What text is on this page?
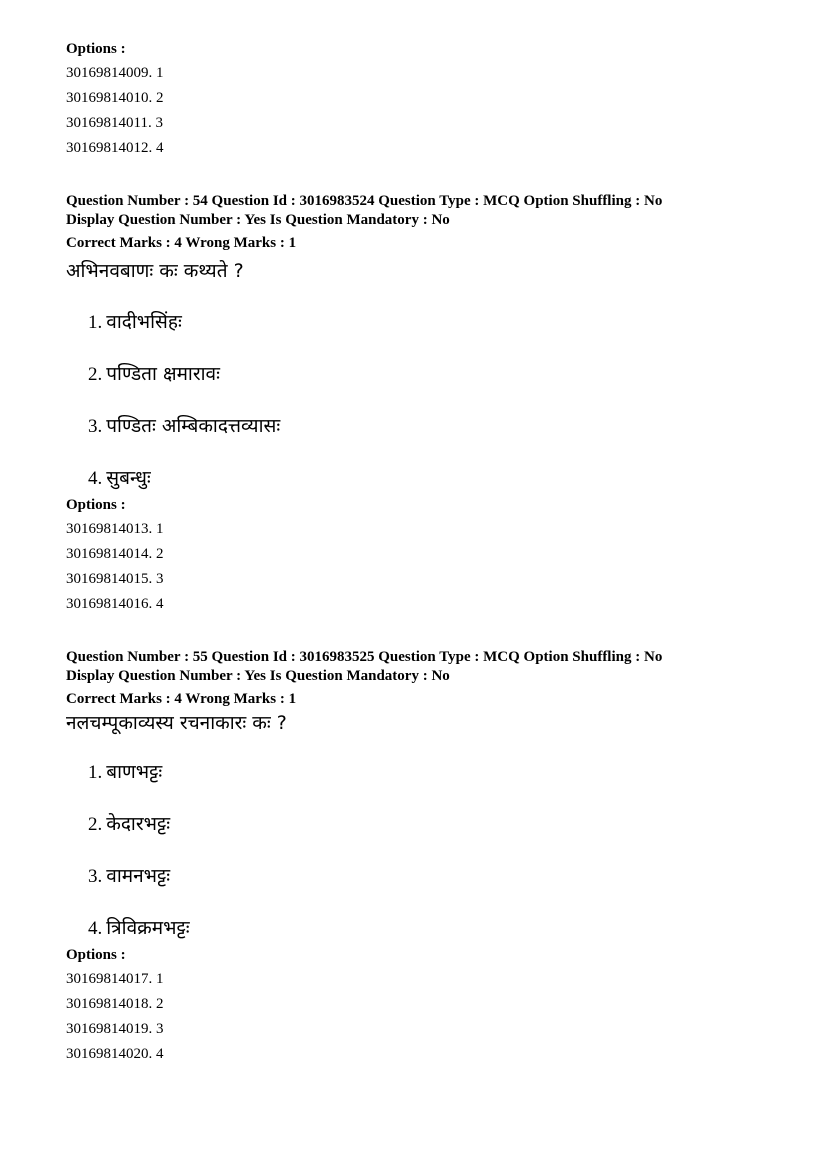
Options :
30169814009. 1
30169814010. 2
30169814011. 3
30169814012. 4
Question Number : 54 Question Id : 3016983524 Question Type : MCQ Option Shuffling : No
Display Question Number : Yes Is Question Mandatory : No
Correct Marks : 4 Wrong Marks : 1
अभिनवबाणः कः कथ्यते ?
1. वादीभसिंहः
2. पण्डिता क्षमारावः
3. पण्डितः अम्बिकादत्तव्यासः
4. सुबन्धुः
Options :
30169814013. 1
30169814014. 2
30169814015. 3
30169814016. 4
Question Number : 55 Question Id : 3016983525 Question Type : MCQ Option Shuffling : No
Display Question Number : Yes Is Question Mandatory : No
Correct Marks : 4 Wrong Marks : 1
नलचम्पूकाव्यस्य रचनाकारः कः ?
1. बाणभट्टः
2. केदारभट्टः
3. वामनभट्टः
4. त्रिविक्रमभट्टः
Options :
30169814017. 1
30169814018. 2
30169814019. 3
30169814020. 4
